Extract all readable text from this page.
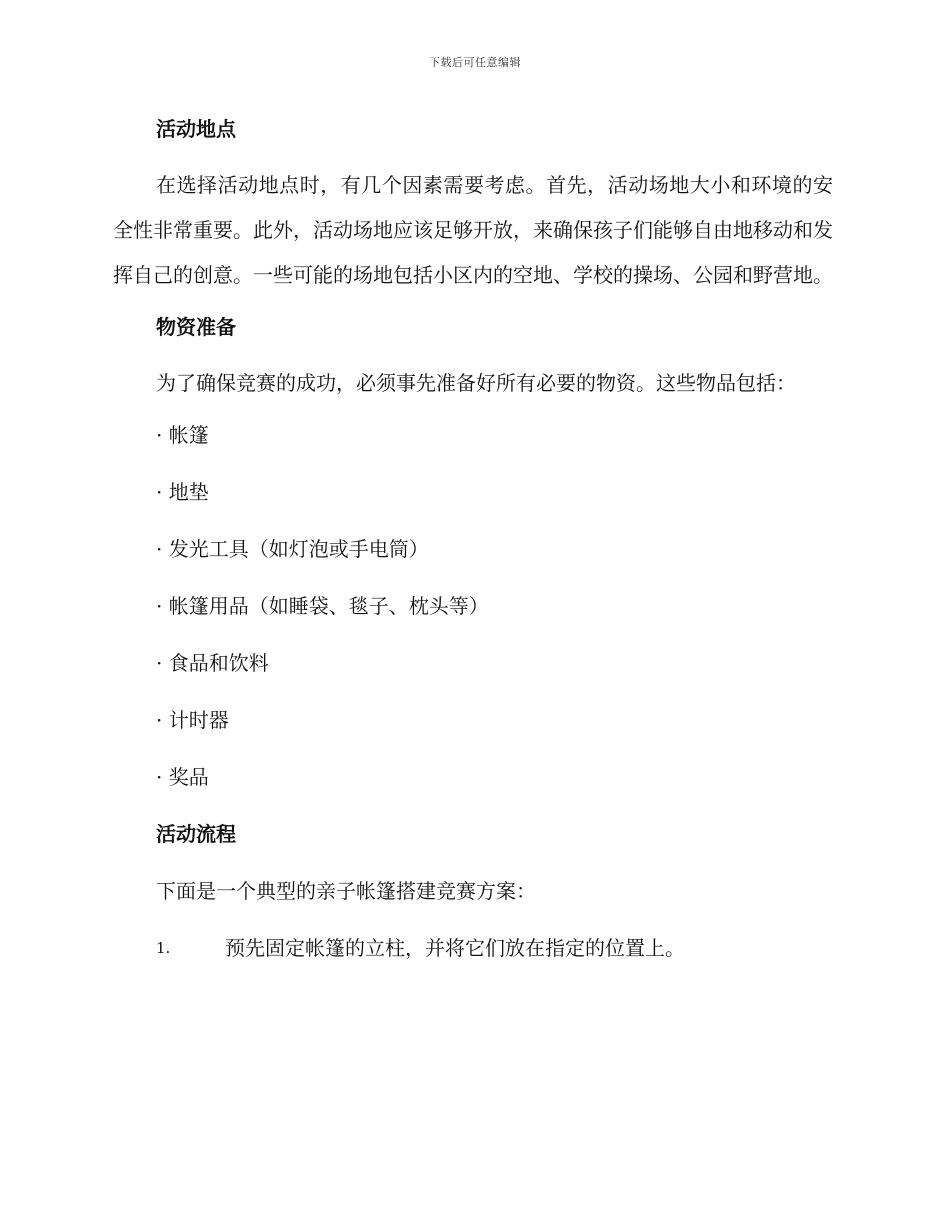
下载后可任意编辑
活动地点

在选择活动地点时，有几个因素需要考虑。首先，活动场地大小和环境的安全性非常重要。此外，活动场地应该足够开放，来确保孩子们能够自由地移动和发挥自己的创意。一些可能的场地包括小区内的空地、学校的操场、公园和野营地。

物资准备

为了确保竞赛的成功，必须事先准备好所有必要的物资。这些物品包括：

· 帐篷

· 地垫

· 发光工具（如灯泡或手电筒）

· 帐篷用品（如睡袋、毯子、枕头等）

· 食品和饮料

· 计时器

· 奖品

活动流程

下面是一个典型的亲子帐篷搭建竞赛方案：

1.	预先固定帐篷的立柱，并将它们放在指定的位置上。
